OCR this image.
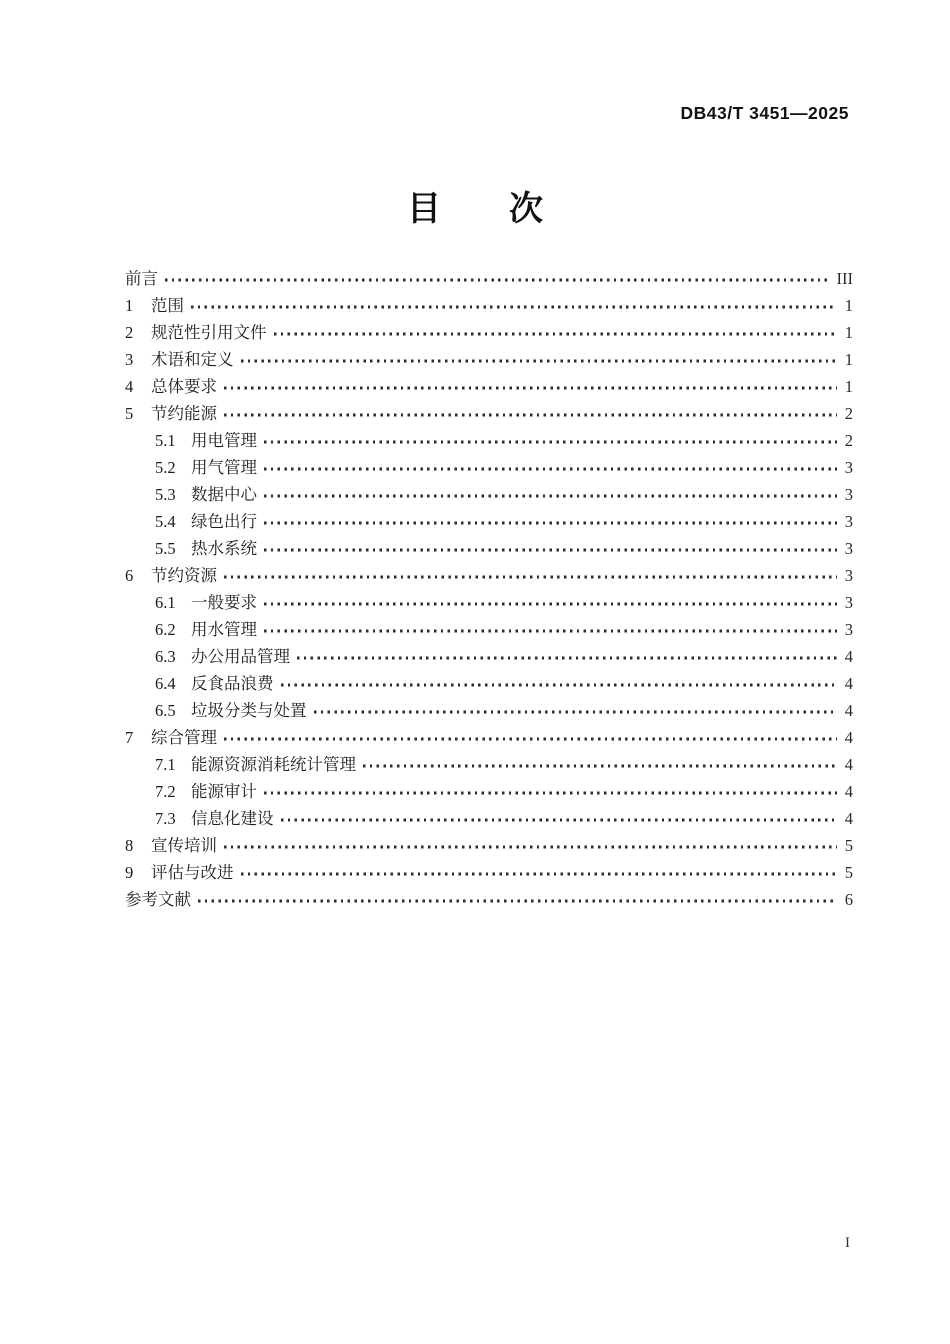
DB43/T 3451—2025
目　　次
前言	III
1	范围	1
2	规范性引用文件	1
3	术语和定义	1
4	总体要求	1
5	节约能源	2
5.1 用电管理	2
5.2 用气管理	3
5.3 数据中心	3
5.4 绿色出行	3
5.5 热水系统	3
6	节约资源	3
6.1 一般要求	3
6.2 用水管理	3
6.3 办公用品管理	4
6.4 反食品浪费	4
6.5 垃圾分类与处置	4
7	综合管理	4
7.1 能源资源消耗统计管理	4
7.2 能源审计	4
7.3 信息化建设	4
8	宣传培训	5
9	评估与改进	5
参考文献	6
I
